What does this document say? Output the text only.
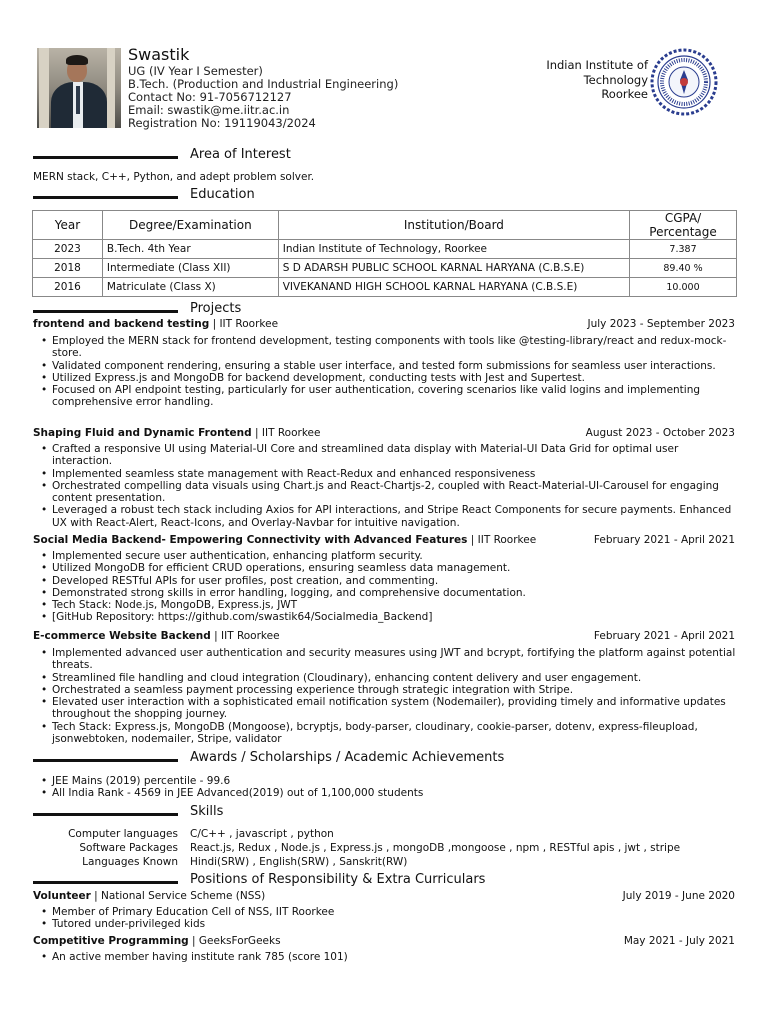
Swastik
UG (IV Year I Semester)
B.Tech. (Production and Industrial Engineering)
Contact No: 91-7056712127
Email: swastik@me.iitr.ac.in
Registration No: 19119043/2024
Indian Institute of
Technology
Roorkee
Area of Interest
MERN stack, C++, Python, and adept problem solver.
Education
Year	Degree/Examination	Institution/Board	CGPA/
Percentage
2023	B.Tech. 4th Year	Indian Institute of Technology, Roorkee	7.387
2018	Intermediate (Class XII)	S D ADARSH PUBLIC SCHOOL KARNAL HARYANA (C.B.S.E)	89.40 %
2016	Matriculate (Class X)	VIVEKANAND HIGH SCHOOL KARNAL HARYANA (C.B.S.E)	10.000
Projects
frontend and backend testing | IIT Roorkee	July 2023 - September 2023
• Employed the MERN stack for frontend development, testing components with tools like @testing-library/react and redux-mock-store.
• Validated component rendering, ensuring a stable user interface, and tested form submissions for seamless user interactions.
• Utilized Express.js and MongoDB for backend development, conducting tests with Jest and Supertest.
• Focused on API endpoint testing, particularly for user authentication, covering scenarios like valid logins and implementing comprehensive error handling.
Shaping Fluid and Dynamic Frontend | IIT Roorkee	August 2023 - October 2023
• Crafted a responsive UI using Material-UI Core and streamlined data display with Material-UI Data Grid for optimal user interaction.
• Implemented seamless state management with React-Redux and enhanced responsiveness
• Orchestrated compelling data visuals using Chart.js and React-Chartjs-2, coupled with React-Material-UI-Carousel for engaging content presentation.
• Leveraged a robust tech stack including Axios for API interactions, and Stripe React Components for secure payments. Enhanced UX with React-Alert, React-Icons, and Overlay-Navbar for intuitive navigation.
Social Media Backend- Empowering Connectivity with Advanced Features | IIT Roorkee	February 2021 - April 2021
• Implemented secure user authentication, enhancing platform security.
• Utilized MongoDB for efficient CRUD operations, ensuring seamless data management.
• Developed RESTful APIs for user profiles, post creation, and commenting.
• Demonstrated strong skills in error handling, logging, and comprehensive documentation.
• Tech Stack: Node.js, MongoDB, Express.js, JWT
• [GitHub Repository: https://github.com/swastik64/Socialmedia_Backend]
E-commerce Website Backend | IIT Roorkee	February 2021 - April 2021
• Implemented advanced user authentication and security measures using JWT and bcrypt, fortifying the platform against potential threats.
• Streamlined file handling and cloud integration (Cloudinary), enhancing content delivery and user engagement.
• Orchestrated a seamless payment processing experience through strategic integration with Stripe.
• Elevated user interaction with a sophisticated email notification system (Nodemailer), providing timely and informative updates throughout the shopping journey.
• Tech Stack: Express.js, MongoDB (Mongoose), bcryptjs, body-parser, cloudinary, cookie-parser, dotenv, express-fileupload, jsonwebtoken, nodemailer, Stripe, validator
Awards / Scholarships / Academic Achievements
• JEE Mains (2019) percentile - 99.6
• All India Rank - 4569 in JEE Advanced(2019) out of 1,100,000 students
Skills
Computer languages C/C++ , javascript , python
Software Packages React.js, Redux , Node.js , Express.js , mongoDB ,mongoose , npm , RESTful apis , jwt , stripe
Languages Known Hindi(SRW) , English(SRW) , Sanskrit(RW)
Positions of Responsibility & Extra Curriculars
Volunteer | National Service Scheme (NSS)	July 2019 - June 2020
• Member of Primary Education Cell of NSS, IIT Roorkee
• Tutored under-privileged kids
Competitive Programming | GeeksForGeeks	May 2021 - July 2021
• An active member having institute rank 785 (score 101)
